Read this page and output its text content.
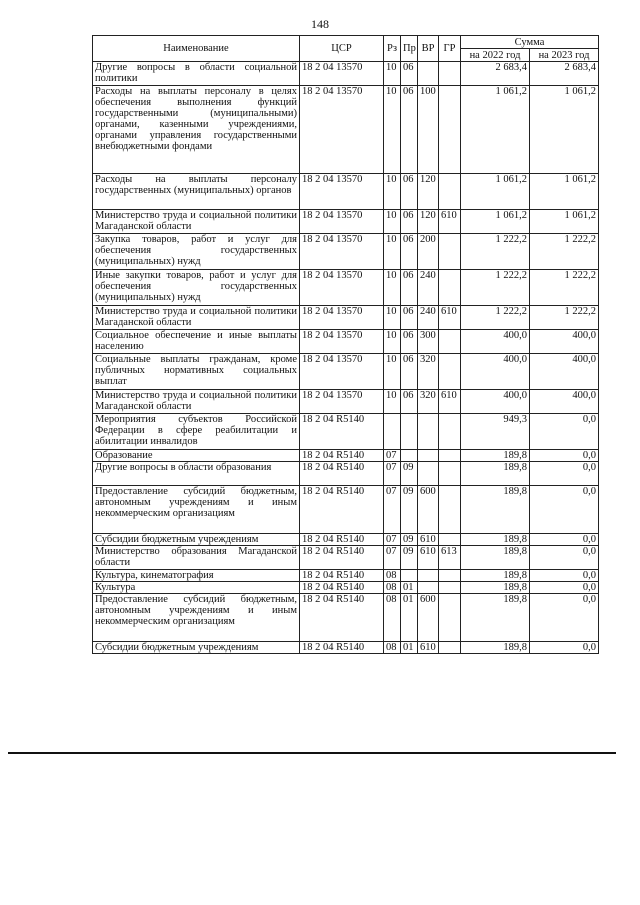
148
Наименование	ЦСР	Рз	Пр	ВР	ГР	Сумма	
						на 2022 год	на 2023 год
Другие вопросы в области социальной политики	18 2 04 13570	10	06			2 683,4	2 683,4
Расходы на выплаты персоналу в целях обеспечения выполнения функций государственными (муниципальными) органами, казенными учреждениями, органами управления государственными внебюджетными фондами	18 2 04 13570	10	06	100		1 061,2	1 061,2
Расходы на выплаты персоналу государственных (муниципальных) органов	18 2 04 13570	10	06	120		1 061,2	1 061,2
Министерство труда и социальной политики Магаданской области	18 2 04 13570	10	06	120	610	1 061,2	1 061,2
Закупка товаров, работ и услуг для обеспечения государственных (муниципальных) нужд	18 2 04 13570	10	06	200		1 222,2	1 222,2
Иные закупки товаров, работ и услуг для обеспечения государственных (муниципальных) нужд	18 2 04 13570	10	06	240		1 222,2	1 222,2
Министерство труда и социальной политики Магаданской области	18 2 04 13570	10	06	240	610	1 222,2	1 222,2
Социальное обеспечение и иные выплаты населению	18 2 04 13570	10	06	300		400,0	400,0
Социальные выплаты гражданам, кроме публичных нормативных социальных выплат	18 2 04 13570	10	06	320		400,0	400,0
Министерство труда и социальной политики Магаданской области	18 2 04 13570	10	06	320	610	400,0	400,0
Мероприятия субъектов Российской Федерации в сфере реабилитации и абилитации инвалидов	18 2 04 R5140					949,3	0,0
Образование	18 2 04 R5140	07				189,8	0,0
Другие вопросы в области образования	18 2 04 R5140	07	09			189,8	0,0
Предоставление субсидий бюджетным, автономным учреждениям и иным некоммерческим организациям	18 2 04 R5140	07	09	600		189,8	0,0
Субсидии бюджетным учреждениям	18 2 04 R5140	07	09	610		189,8	0,0
Министерство образования Магаданской области	18 2 04 R5140	07	09	610	613	189,8	0,0
Культура, кинематография	18 2 04 R5140	08				189,8	0,0
Культура	18 2 04 R5140	08	01			189,8	0,0
Предоставление субсидий бюджетным, автономным учреждениям и иным некоммерческим организациям	18 2 04 R5140	08	01	600		189,8	0,0
Субсидии бюджетным учреждениям	18 2 04 R5140	08	01	610		189,8	0,0
